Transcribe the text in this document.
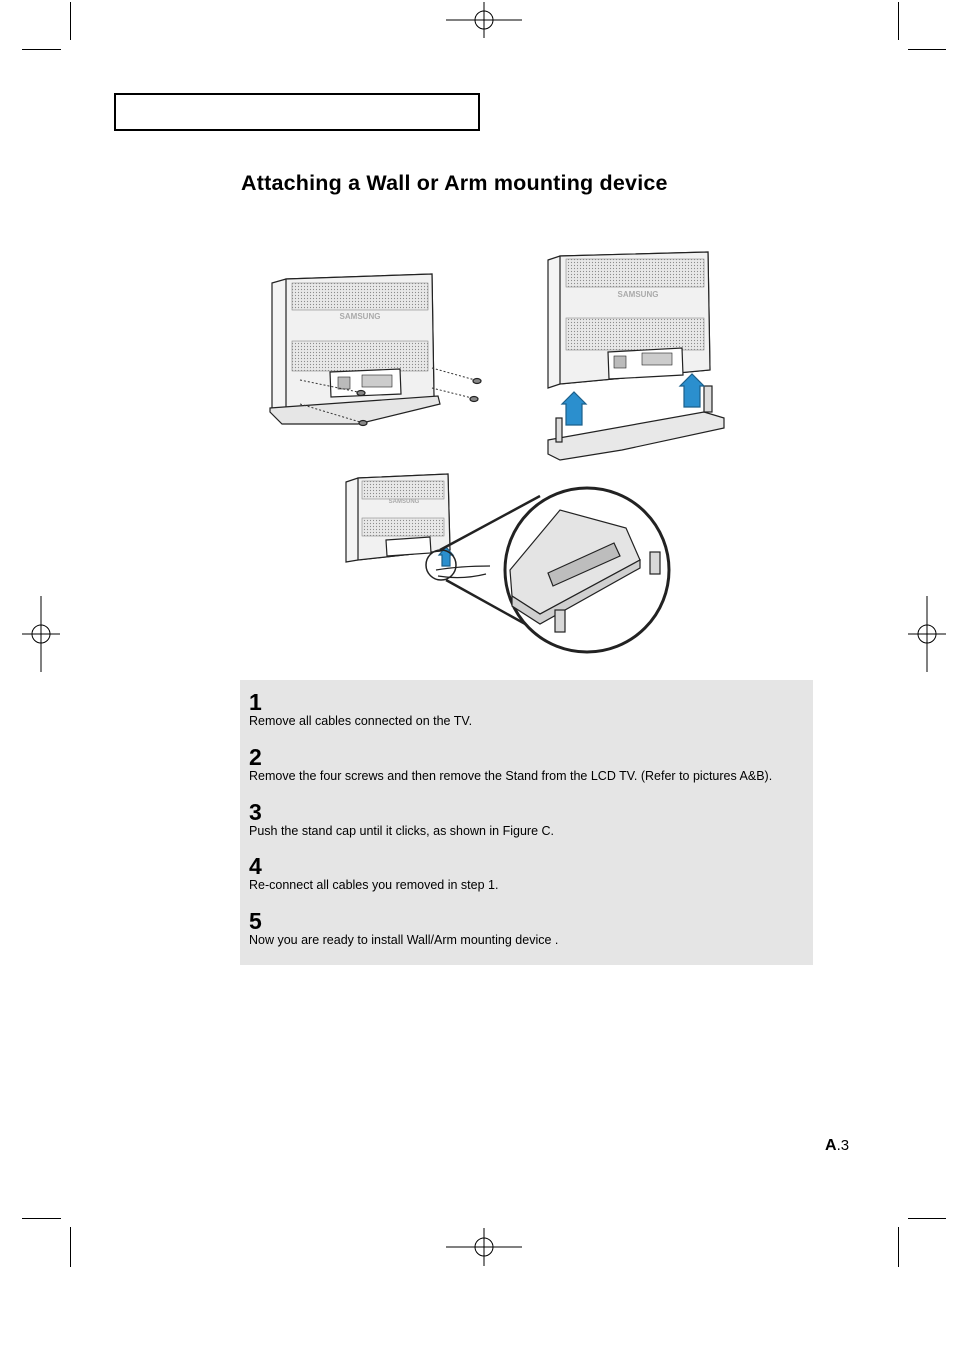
Attaching a Wall or Arm mounting device
SAMSUNG
SAMSUNG
SAMSUNG
1
Remove all cables connected on the TV.
2
Remove the four screws and then remove the Stand from the LCD TV. (Refer to pictures A&B).
3
Push the stand cap until it clicks, as shown in Figure C.
4
Re-connect all cables you removed in step 1.
5
Now you are ready to install Wall/Arm mounting device .
A.3
